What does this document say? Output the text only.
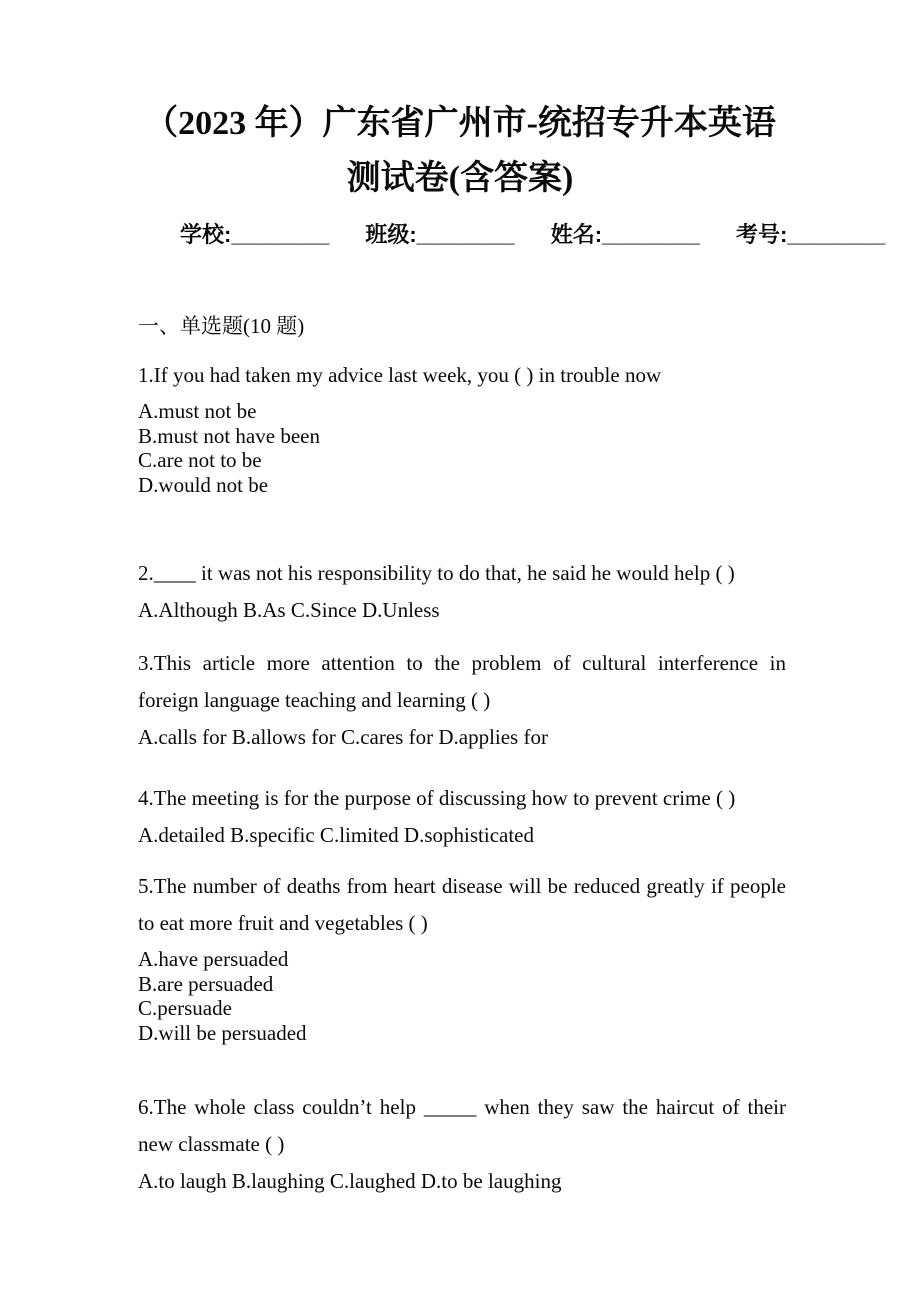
（2023 年）广东省广州市-统招专升本英语
测试卷(含答案)
学校:________ 班级:________ 姓名:________ 考号:________
一、单选题(10 题)

1.If you had taken my advice last week, you ( ) in trouble now

A.must not be

B.must not have been

C.are not to be

D.would not be

2.____ it was not his responsibility to do that, he said he would help ( )

A.Although B.As C.Since D.Unless

3.This article more attention to the problem of cultural interference in foreign language teaching and learning ( )

A.calls for B.allows for C.cares for D.applies for

4.The meeting is for the purpose of discussing how to prevent crime ( )

A.detailed B.specific C.limited D.sophisticated

5.The number of deaths from heart disease will be reduced greatly if people to eat more fruit and vegetables ( )

A.have persuaded

B.are persuaded

C.persuade

D.will be persuaded

6.The whole class couldn’t help _____ when they saw the haircut of their new classmate ( )

A.to laugh B.laughing C.laughed D.to be laughing
